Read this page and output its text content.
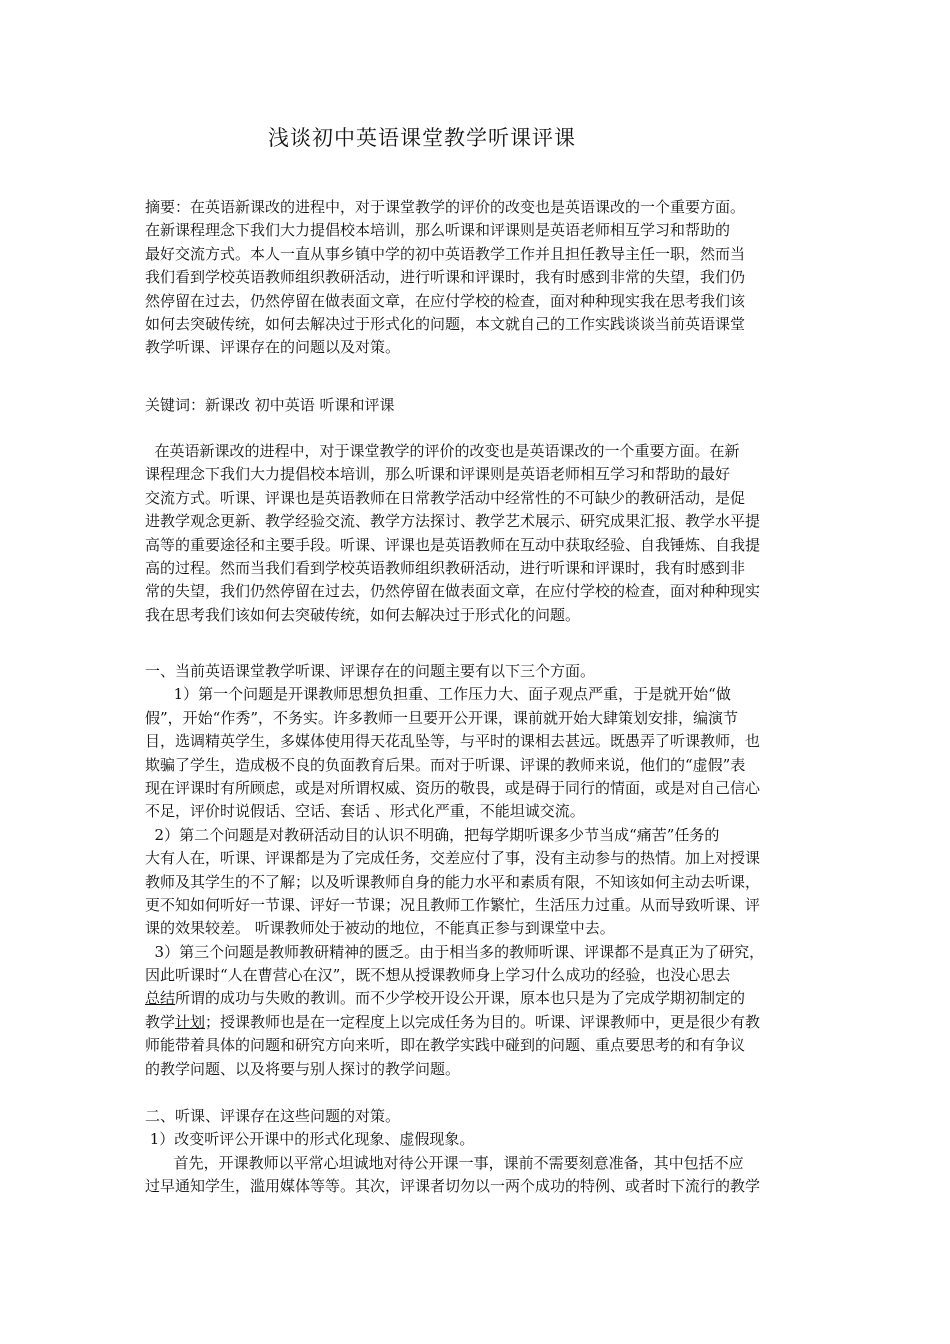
浅谈初中英语课堂教学听课评课
摘要：在英语新课改的进程中，对于课堂教学的评价的改变也是英语课改的一个重要方面。
在新课程理念下我们大力提倡校本培训，那么听课和评课则是英语老师相互学习和帮助的
最好交流方式。本人一直从事乡镇中学的初中英语教学工作并且担任教导主任一职，然而当
我们看到学校英语教师组织教研活动，进行听课和评课时，我有时感到非常的失望，我们仍
然停留在过去，仍然停留在做表面文章，在应付学校的检查，面对种种现实我在思考我们该
如何去突破传统，如何去解决过于形式化的问题，本文就自己的工作实践谈谈当前英语课堂
教学听课、评课存在的问题以及对策。
关键词：新课改 初中英语 听课和评课
在英语新课改的进程中，对于课堂教学的评价的改变也是英语课改的一个重要方面。在新
课程理念下我们大力提倡校本培训，那么听课和评课则是英语老师相互学习和帮助的最好
交流方式。听课、评课也是英语教师在日常教学活动中经常性的不可缺少的教研活动，是促
进教学观念更新、教学经验交流、教学方法探讨、教学艺术展示、研究成果汇报、教学水平提
高等的重要途径和主要手段。听课、评课也是英语教师在互动中获取经验、自我锤炼、自我提
高的过程。然而当我们看到学校英语教师组织教研活动，进行听课和评课时，我有时感到非
常的失望，我们仍然停留在过去，仍然停留在做表面文章，在应付学校的检查，面对种种现实
我在思考我们该如何去突破传统，如何去解决过于形式化的问题。
一、当前英语课堂教学听课、评课存在的问题主要有以下三个方面。
1）第一个问题是开课教师思想负担重、工作压力大、面子观点严重，于是就开始“做
假”，开始“作秀”，不务实。许多教师一旦要开公开课，课前就开始大肆策划安排，编演节
目，选调精英学生，多媒体使用得天花乱坠等，与平时的课相去甚远。既愚弄了听课教师，也
欺骗了学生，造成极不良的负面教育后果。而对于听课、评课的教师来说，他们的“虚假”表
现在评课时有所顾虑，或是对所谓权威、资历的敬畏，或是碍于同行的情面，或是对自己信心
不足，评价时说假话、空话、套话 、形式化严重，不能坦诚交流。
2）第二个问题是对教研活动目的认识不明确，把每学期听课多少节当成“痛苦”任务的
大有人在，听课、评课都是为了完成任务，交差应付了事，没有主动参与的热情。加上对授课
教师及其学生的不了解；以及听课教师自身的能力水平和素质有限，不知该如何主动去听课，
更不知如何听好一节课、评好一节课；况且教师工作繁忙，生活压力过重。从而导致听课、评
课的效果较差。 听课教师处于被动的地位，不能真正参与到课堂中去。
3）第三个问题是教师教研精神的匮乏。由于相当多的教师听课、评课都不是真正为了研究，
因此听课时“人在曹营心在汉”，既不想从授课教师身上学习什么成功的经验，也没心思去
总结所谓的成功与失败的教训。而不少学校开设公开课，原本也只是为了完成学期初制定的
教学计划；授课教师也是在一定程度上以完成任务为目的。听课、评课教师中，更是很少有教
师能带着具体的问题和研究方向来听，即在教学实践中碰到的问题、重点要思考的和有争议
的教学问题、以及将要与别人探讨的教学问题。
二、听课、评课存在这些问题的对策。
1）改变听评公开课中的形式化现象、虚假现象。
首先，开课教师以平常心坦诚地对待公开课一事，课前不需要刻意准备，其中包括不应
过早通知学生，滥用媒体等等。其次，评课者切勿以一两个成功的特例、或者时下流行的教学
